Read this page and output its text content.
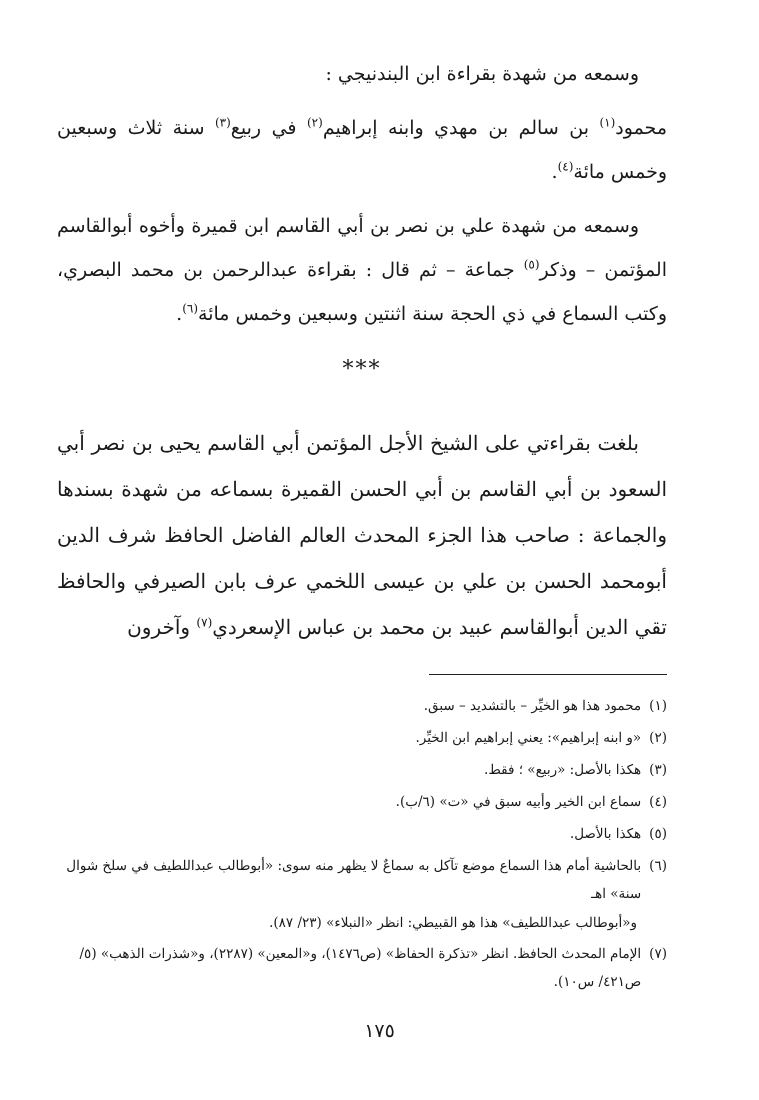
وسمعه من شهدة بقراءة ابن البندنيجي :

محمود$^{(١)}$ بن سالم بن مهدي وابنه إبراهيم$^{(٢)}$ في ربيع$^{(٣)}$ سنة ثلاث وسبعين وخمس مائة$^{(٤)}$.

وسمعه من شهدة علي بن نصر بن أبي القاسم ابن قميرة وأخوه أبوالقاسم المؤتمن – وذكر$^{(٥)}$ جماعة – ثم قال : بقراءة عبدالرحمن بن محمد البصري، وكتب السماع في ذي الحجة سنة اثنتين وسبعين وخمس مائة$^{(٦)}$.

***

بلغت بقراءتي على الشيخ الأجل المؤتمن أبي القاسم يحيى بن نصر أبي السعود بن أبي القاسم بن أبي الحسن القميرة بسماعه من شهدة بسندها والجماعة : صاحب هذا الجزء المحدث العالم الفاضل الحافظ شرف الدين أبومحمد الحسن بن علي بن عيسى اللخمي عرف بابن الصيرفي والحافظ تقي الدين أبوالقاسم عبيد بن محمد بن عباس الإسعردي$^{(٧)}$ وآخرون

(١)
محمود هذا هو الخيِّر – بالتشديد – سبق.
(٢)
«و ابنه إبراهيم»: يعني إبراهيم ابن الخيِّر.
(٣)
هكذا بالأصل: «ربيع» ؛ فقط.
(٤)
سماع ابن الخير وأبيه سبق في «ت» (٦/ب).
(٥)
هكذا بالأصل.
(٦)
بالحاشية أمام هذا السماع موضع تآكل به سماعٌ لا يظهر منه سوى: «أبوطالب عبداللطيف في سلخ شوال سنة» اهـ
و«أبوطالب عبداللطيف» هذا هو القبيطي: انظر «النبلاء» (٢٣/ ٨٧).
(٧)
الإمام المحدث الحافظ. انظر «تذكرة الحفاظ» (ص١٤٧٦)، و«المعين» (٢٢٨٧)، و«شذرات الذهب» (٥/ص٤٢١/ س١٠).
١٧٥
